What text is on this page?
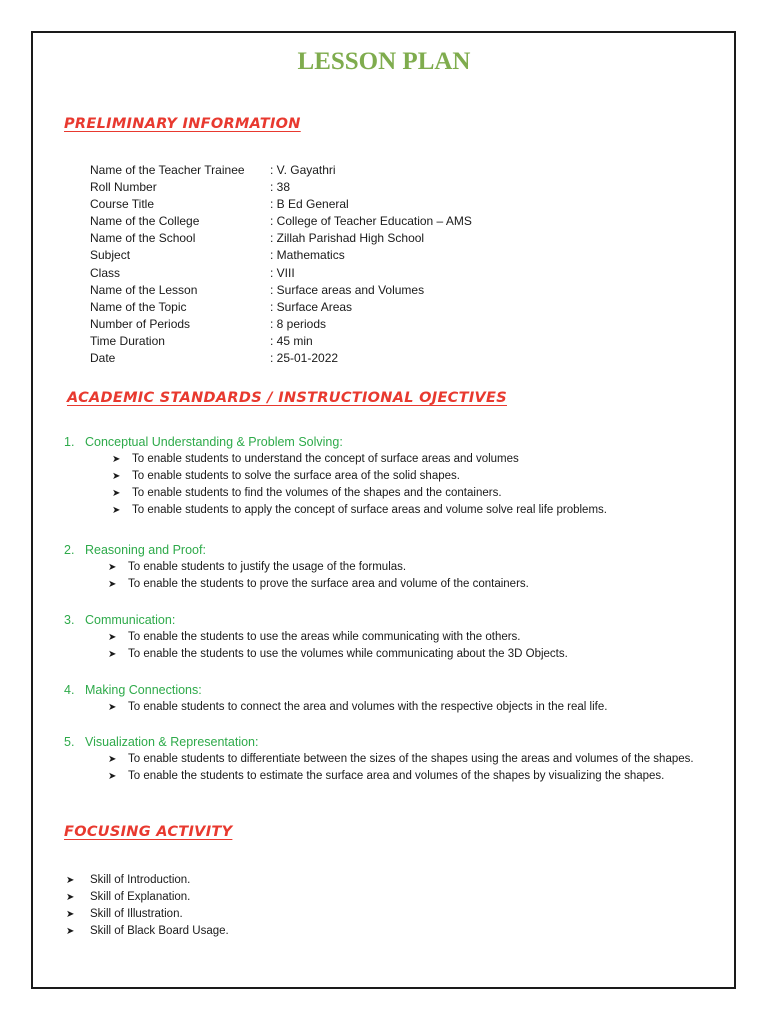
LESSON PLAN
PRELIMINARY INFORMATION
Name of the Teacher Trainee	: V. Gayathri
Roll Number	: 38
Course Title	: B Ed General
Name of the College	: College of Teacher Education – AMS
Name of the School	: Zillah Parishad High School
Subject	: Mathematics
Class	: VIII
Name of the Lesson	: Surface areas and Volumes
Name of the Topic	: Surface Areas
Number of Periods	: 8 periods
Time Duration	: 45 min
Date	: 25-01-2022
ACADEMIC STANDARDS / INSTRUCTIONAL OJECTIVES
1. Conceptual Understanding & Problem Solving:
➤	To enable students to understand the concept of surface areas and volumes
➤	To enable students to solve the surface area of the solid shapes.
➤	To enable students to find the volumes of the shapes and the containers.
➤	To enable students to apply the concept of surface areas and volume solve real life problems.
2. Reasoning and Proof:
➤	To enable students to justify the usage of the formulas.
➤	To enable the students to prove the surface area and volume of the containers.
3. Communication:
➤	To enable the students to use the areas while communicating with the others.
➤	To enable the students to use the volumes while communicating about the 3D Objects.
4. Making Connections:
➤	To enable students to connect the area and volumes with the respective objects in the real life.
5. Visualization & Representation:
➤	To enable students to differentiate between the sizes of the shapes using the areas and volumes of the shapes.
➤	To enable the students to estimate the surface area and volumes of the shapes by visualizing the shapes.
FOCUSING ACTIVITY
➤	Skill of Introduction.
➤	Skill of Explanation.
➤	Skill of Illustration.
➤	Skill of Black Board Usage.
